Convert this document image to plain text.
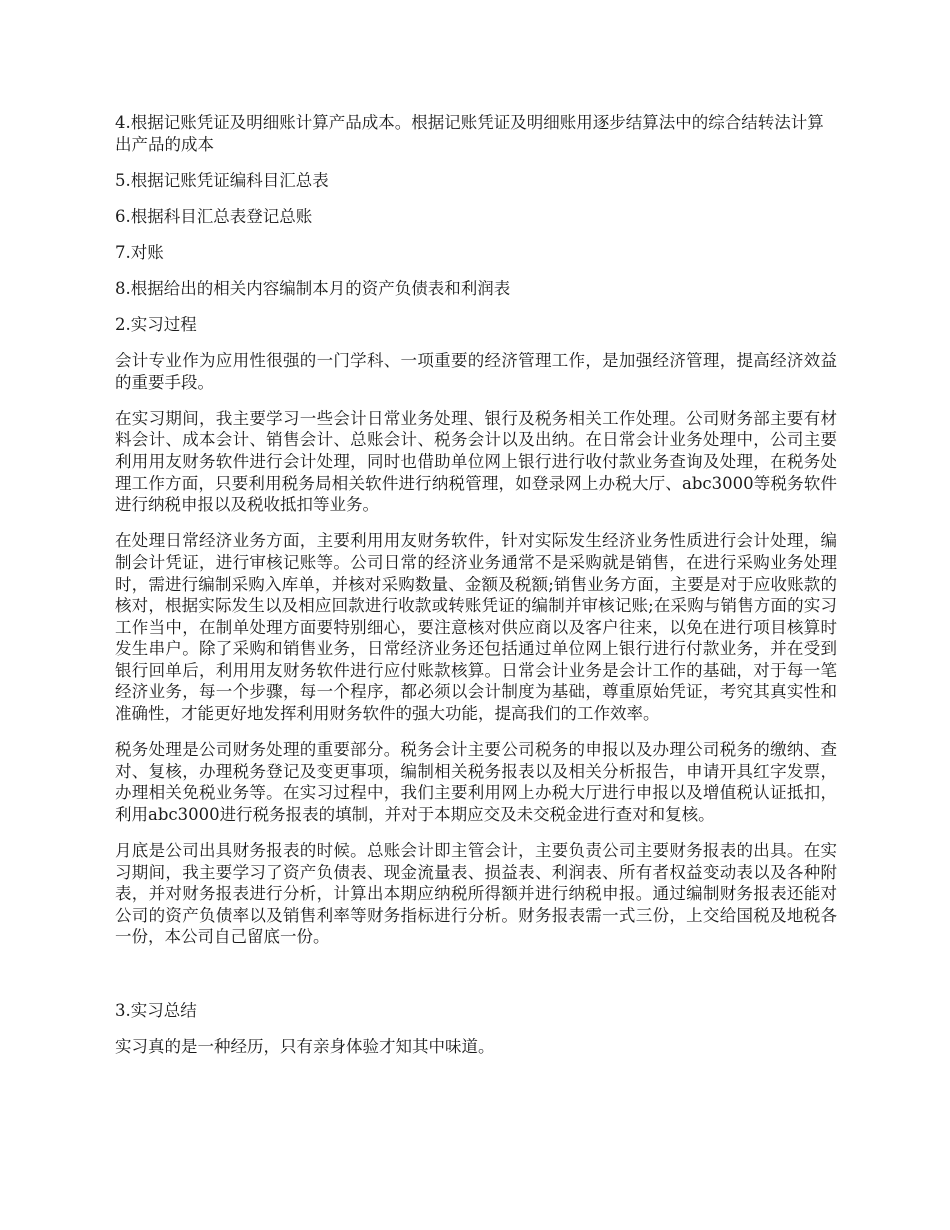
4.根据记账凭证及明细账计算产品成本。根据记账凭证及明细账用逐步结算法中的综合结转法计算出产品的成本

5.根据记账凭证编科目汇总表

6.根据科目汇总表登记总账

7.对账

8.根据给出的相关内容编制本月的资产负债表和利润表

2.实习过程

会计专业作为应用性很强的一门学科、一项重要的经济管理工作，是加强经济管理，提高经济效益的重要手段。

在实习期间，我主要学习一些会计日常业务处理、银行及税务相关工作处理。公司财务部主要有材料会计、成本会计、销售会计、总账会计、税务会计以及出纳。在日常会计业务处理中，公司主要利用用友财务软件进行会计处理，同时也借助单位网上银行进行收付款业务查询及处理，在税务处理工作方面，只要利用税务局相关软件进行纳税管理，如登录网上办税大厅、abc3000等税务软件进行纳税申报以及税收抵扣等业务。

在处理日常经济业务方面，主要利用用友财务软件，针对实际发生经济业务性质进行会计处理，编制会计凭证，进行审核记账等。公司日常的经济业务通常不是采购就是销售，在进行采购业务处理时，需进行编制采购入库单，并核对采购数量、金额及税额;销售业务方面，主要是对于应收账款的核对，根据实际发生以及相应回款进行收款或转账凭证的编制并审核记账;在采购与销售方面的实习工作当中，在制单处理方面要特别细心，要注意核对供应商以及客户往来，以免在进行项目核算时发生串户。除了采购和销售业务，日常经济业务还包括通过单位网上银行进行付款业务，并在受到银行回单后，利用用友财务软件进行应付账款核算。日常会计业务是会计工作的基础，对于每一笔经济业务，每一个步骤，每一个程序，都必须以会计制度为基础，尊重原始凭证，考究其真实性和准确性，才能更好地发挥利用财务软件的强大功能，提高我们的工作效率。

税务处理是公司财务处理的重要部分。税务会计主要公司税务的申报以及办理公司税务的缴纳、查对、复核，办理税务登记及变更事项，编制相关税务报表以及相关分析报告，申请开具红字发票，办理相关免税业务等。在实习过程中，我们主要利用网上办税大厅进行申报以及增值税认证抵扣，利用abc3000进行税务报表的填制，并对于本期应交及未交税金进行查对和复核。

月底是公司出具财务报表的时候。总账会计即主管会计，主要负责公司主要财务报表的出具。在实习期间，我主要学习了资产负债表、现金流量表、损益表、利润表、所有者权益变动表以及各种附表，并对财务报表进行分析，计算出本期应纳税所得额并进行纳税申报。通过编制财务报表还能对公司的资产负债率以及销售利率等财务指标进行分析。财务报表需一式三份，上交给国税及地税各一份，本公司自己留底一份。

3.实习总结

实习真的是一种经历，只有亲身体验才知其中味道。
